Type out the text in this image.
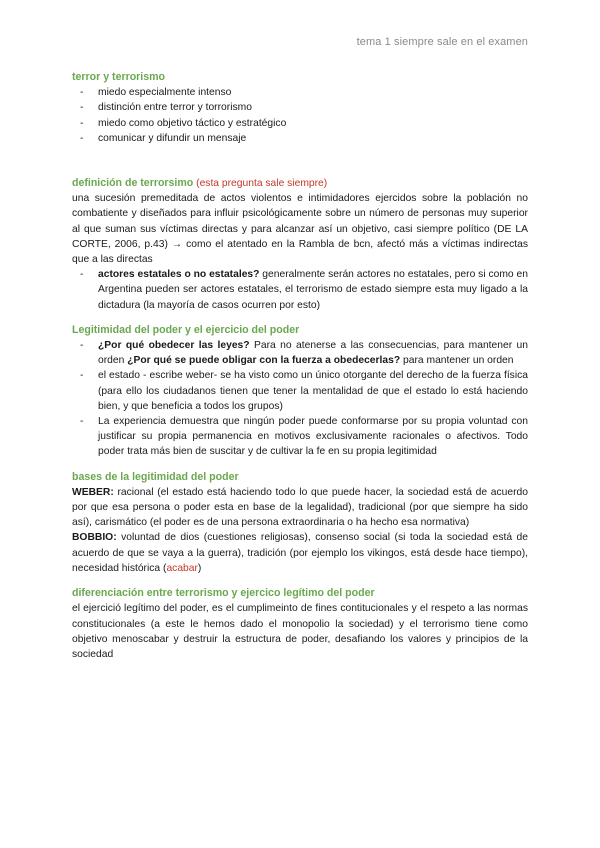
tema 1 siempre sale en el examen
terror y terrorismo
- miedo especialmente intenso
- distinción entre terror y torrorismo
- miedo como objetivo táctico y estratégico
- comunicar y difundir un mensaje
definición de terrorsimo (esta pregunta sale siempre)

una sucesión premeditada de actos violentos e intimidadores ejercidos sobre la población no combatiente y diseñados para influir psicológicamente sobre un número de personas muy superior al que suman sus víctimas directas y para alcanzar así un objetivo, casi siempre político (DE LA CORTE, 2006, p.43) → como el atentado en la Rambla de bcn, afectó más a víctimas indirectas que a las directas

- actores estatales o no estatales? generalmente serán actores no estatales, pero si como en Argentina pueden ser actores estatales, el terrorismo de estado siempre esta muy ligado a la dictadura (la mayoría de casos ocurren por esto)
Legitimidad del poder y el ejercicio del poder
- ¿Por qué obedecer las leyes? Para no atenerse a las consecuencias, para mantener un orden ¿Por qué se puede obligar con la fuerza a obedecerlas? para mantener un orden
- el estado - escribe weber- se ha visto como un único otorgante del derecho de la fuerza física (para ello los ciudadanos tienen que tener la mentalidad de que el estado lo está haciendo bien, y que beneficia a todos los grupos)
- La experiencia demuestra que ningún poder puede conformarse por su propia voluntad con justificar su propia permanencia en motivos exclusivamente racionales o afectivos. Todo poder trata más bien de suscitar y de cultivar la fe en su propia legitimidad
bases de la legitimidad del poder

WEBER: racional (el estado está haciendo todo lo que puede hacer, la sociedad está de acuerdo por que esa persona o poder esta en base de la legalidad), tradicional (por que siempre ha sido así), carismático (el poder es de una persona extraordinaria o ha hecho esa normativa)

BOBBIO: voluntad de dios (cuestiones religiosas), consenso social (si toda la sociedad está de acuerdo de que se vaya a la guerra), tradición (por ejemplo los vikingos, está desde hace tiempo), necesidad histórica (acabar)

diferenciación entre terrorismo y ejercico legítimo del poder

el ejercició legítimo del poder, es el cumplimeinto de fines contitucionales y el respeto a las normas constitucionales (a este le hemos dado el monopolio la sociedad) y el terrorismo tiene como objetivo menoscabar y destruir la estructura de poder, desafiando los valores y principios de la sociedad
